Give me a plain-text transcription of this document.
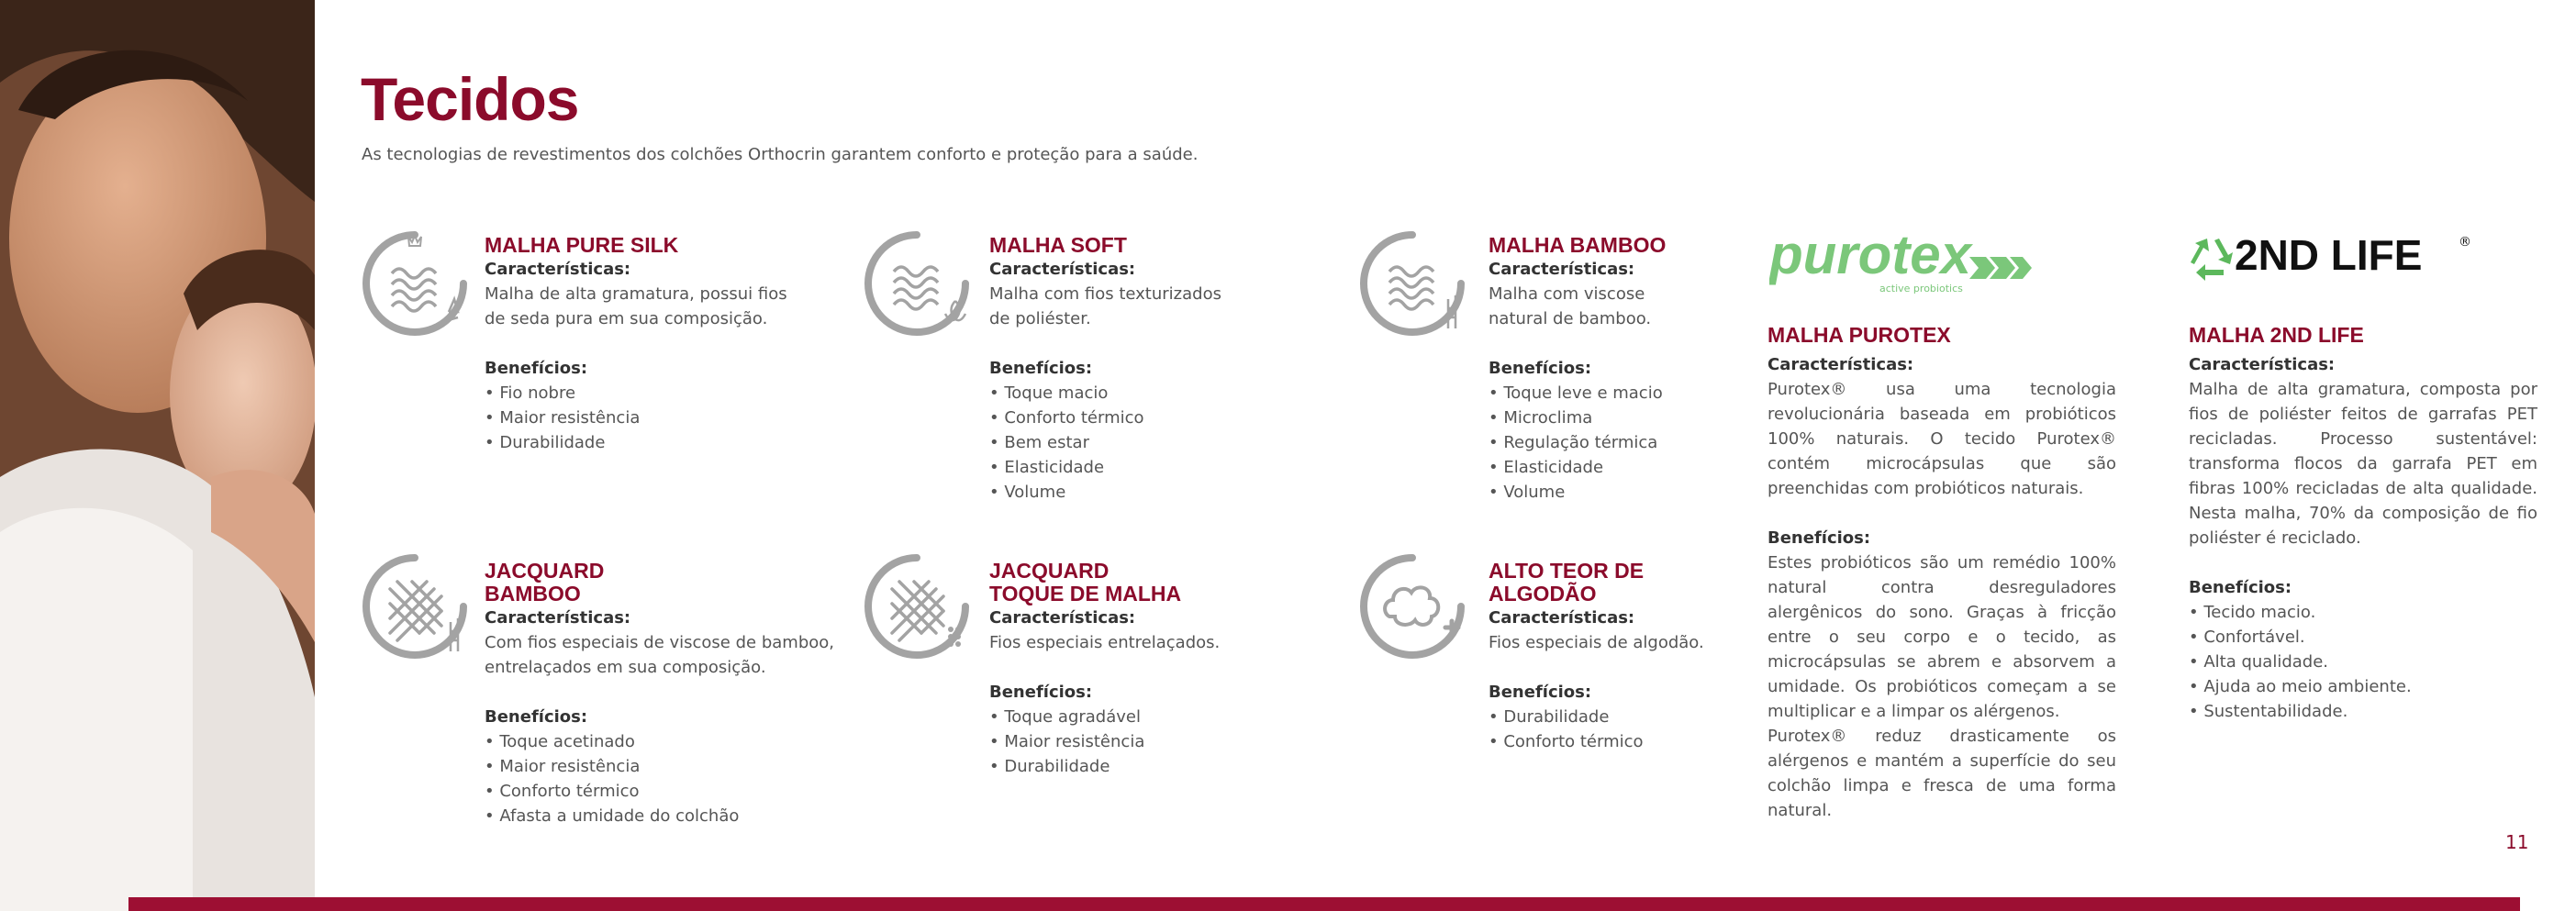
Tecidos
As tecnologias de revestimentos dos colchões Orthocrin garantem conforto e proteção para a saúde.
MALHA PURE SILK
Características:

Malha de alta gramatura, possui fios de seda pura em sua composição.

Benefícios:
• Fio nobre
• Maior resistência
• Durabilidade
MALHA SOFT
Características:

Malha com fios texturizados de poliéster.

Benefícios:
• Toque macio
• Conforto térmico
• Bem estar
• Elasticidade
• Volume
MALHA BAMBOO
Características:

Malha com viscose natural de bamboo.

Benefícios:
• Toque leve e macio
• Microclima
• Regulação térmica
• Elasticidade
• Volume
JACQUARD
BAMBOO
Características:

Com fios especiais de viscose de bamboo, entrelaçados em sua composição.

Benefícios:
• Toque acetinado
• Maior resistência
• Conforto térmico
• Afasta a umidade do colchão
JACQUARD
TOQUE DE MALHA
Características:

Fios especiais entrelaçados.

Benefícios:
• Toque agradável
• Maior resistência
• Durabilidade
ALTO TEOR DE
ALGODÃO
Características:

Fios especiais de algodão.

Benefícios:
• Durabilidade
• Conforto térmico
purotex
active probiotics
2ND LIFE	®
MALHA PUROTEX
Características:

Purotex® usa uma tecnologia revolucionária baseada em probióticos 100% naturais. O tecido Purotex® contém microcápsulas que são preenchidas com probióticos naturais.

Benefícios:

Estes probióticos são um remédio 100% natural contra desreguladores alergênicos do sono. Graças à fricção entre o seu corpo e o tecido, as microcápsulas se abrem e absorvem a umidade. Os probióticos começam a se multiplicar e a limpar os alérgenos.

Purotex® reduz drasticamente os alérgenos e mantém a superfície do seu colchão limpa e fresca de uma forma natural.

MALHA 2ND LIFE
Características:

Malha de alta gramatura, composta por fios de poliéster feitos de garrafas PET recicladas. Processo sustentável: transforma flocos da garrafa PET em fibras 100% recicladas de alta qualidade. Nesta malha, 70% da composição de fio poliéster é reciclado.

Benefícios:
• Tecido macio.
• Confortável.
• Alta qualidade.
• Ajuda ao meio ambiente.
• Sustentabilidade.
11
